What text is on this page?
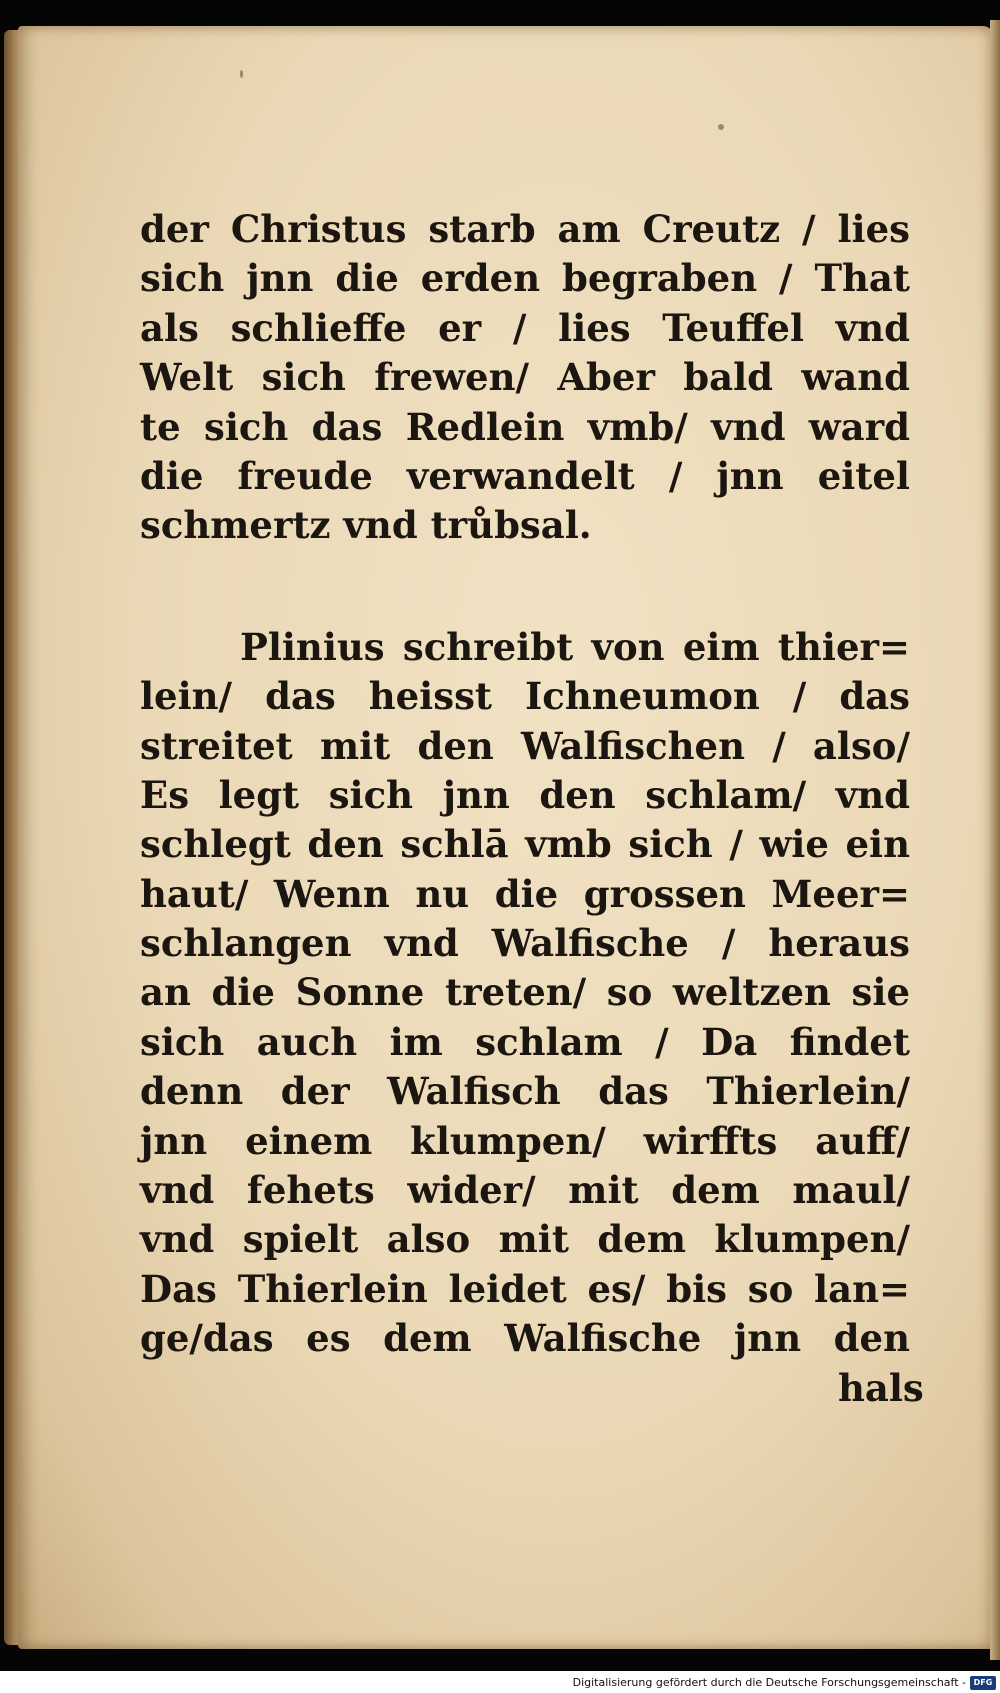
der Christus starb am Creutz / lies
sich jnn die erden begraben / That
als schlieffe er / lies Teuffel vnd
Welt sich frewen/ Aber bald wand
te sich das Redlein vmb/ vnd ward
die freude verwandelt / jnn eitel
schmertz vnd trůbsal.
Plinius schreibt von eim thier=
lein/ das heisst Ichneumon / das
streitet mit den Walfischen / also/
Es legt sich jnn den schlam/ vnd
schlegt den schlā vmb sich / wie ein
haut/ Wenn nu die grossen Meer=
schlangen vnd Walfische / heraus
an die Sonne treten/ so weltzen sie
sich auch im schlam / Da findet
denn der Walfisch das Thierlein/
jnn einem klumpen/ wirffts auff/
vnd fehets wider/ mit dem maul/
vnd spielt also mit dem klumpen/
Das Thierlein leidet es/ bis so lan=
ge/das es dem Walfische jnn den
hals
Digitalisierung gefördert durch die Deutsche Forschungsgemeinschaft - DFG
